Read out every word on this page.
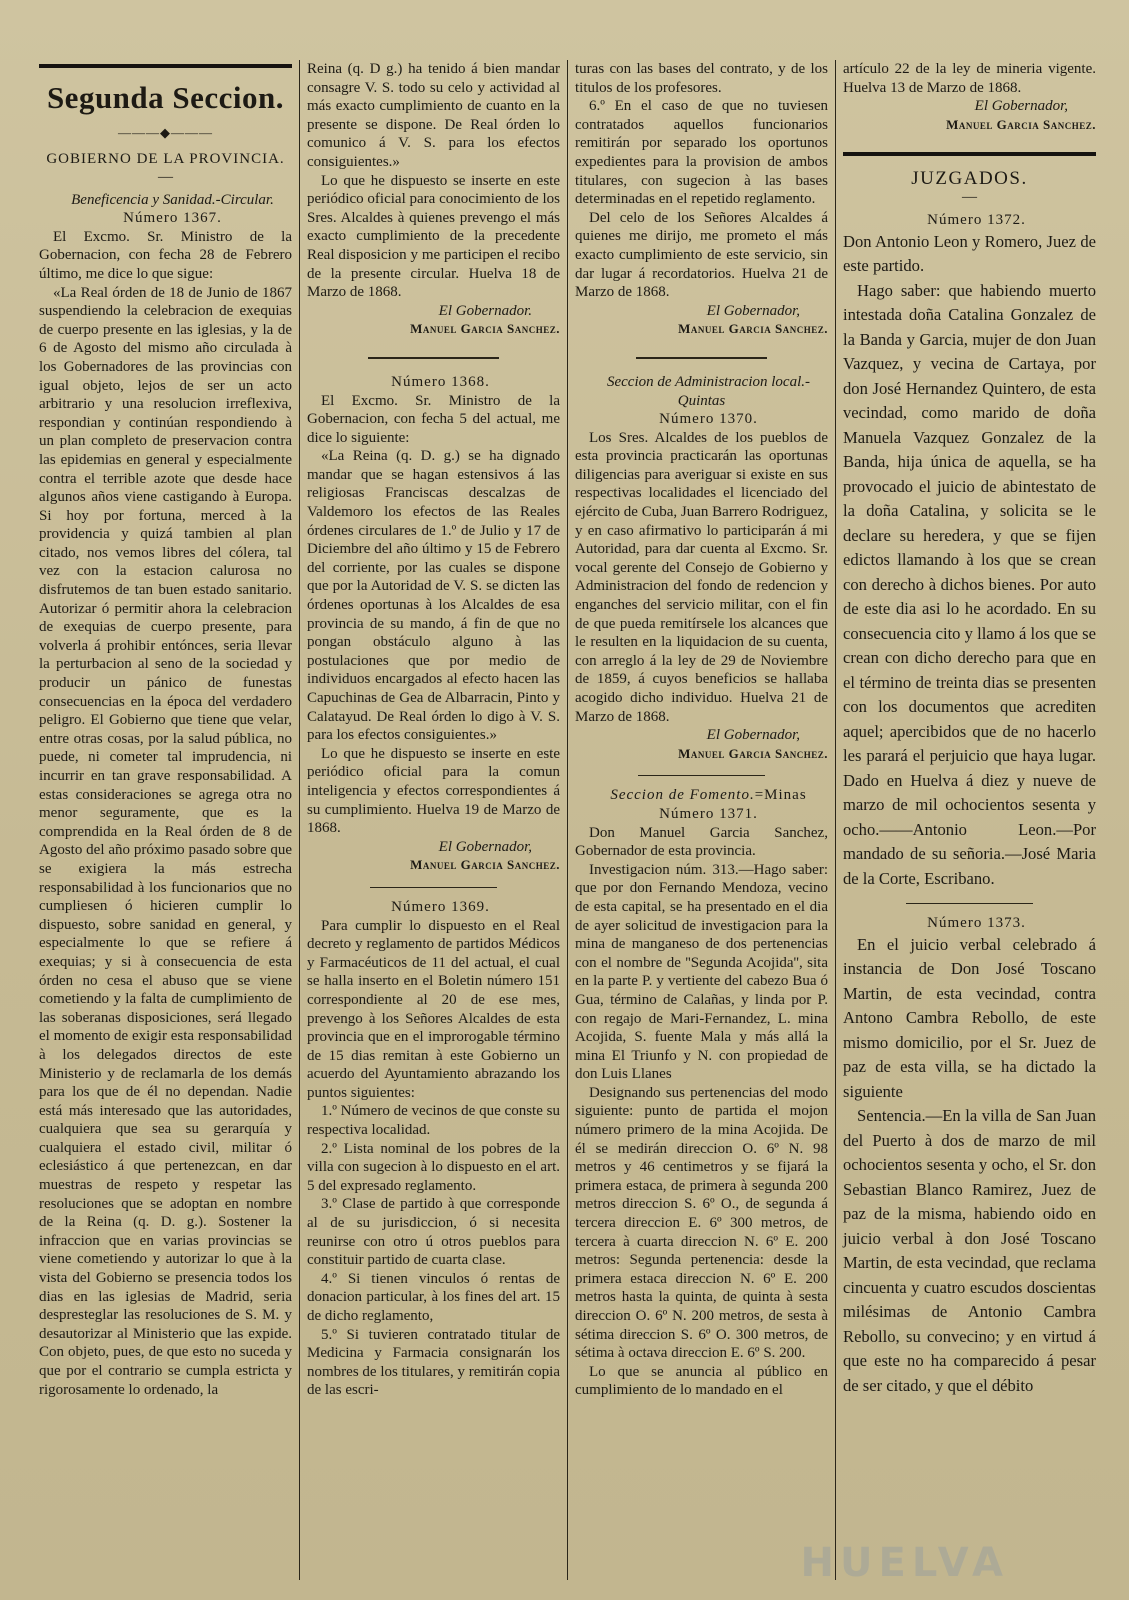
Segunda Seccion.
———◆———
GOBIERNO DE LA PROVINCIA.
—

Beneficencia y Sanidad.-Circular.

Número 1367.

El Excmo. Sr. Ministro de la Gobernacion, con fecha 28 de Febrero último, me dice lo que sigue:

«La Real órden de 18 de Junio de 1867 suspendiendo la celebracion de exequias de cuerpo presente en las iglesias, y la de 6 de Agosto del mismo año circulada à los Gobernadores de las provincias con igual objeto, lejos de ser un acto arbitrario y una resolucion irreflexiva, respondian y continúan respondiendo à un plan completo de preservacion contra las epidemias en general y especialmente contra el terrible azote que desde hace algunos años viene castigando à Europa. Si hoy por fortuna, merced à la providencia y quizá tambien al plan citado, nos vemos libres del cólera, tal vez con la estacion calurosa no disfrutemos de tan buen estado sanitario. Autorizar ó permitir ahora la celebracion de exequias de cuerpo presente, para volverla á prohibir entónces, seria llevar la perturbacion al seno de la sociedad y producir un pánico de funestas consecuencias en la época del verdadero peligro. El Gobierno que tiene que velar, entre otras cosas, por la salud pública, no puede, ni cometer tal imprudencia, ni incurrir en tan grave responsabilidad. A estas consideraciones se agrega otra no menor seguramente, que es la comprendida en la Real órden de 8 de Agosto del año próximo pasado sobre que se exigiera la más estrecha responsabilidad à los funcionarios que no cumpliesen ó hicieren cumplir lo dispuesto, sobre sanidad en general, y especialmente lo que se refiere á exequias; y si à consecuencia de esta órden no cesa el abuso que se viene cometiendo y la falta de cumplimiento de las soberanas disposiciones, será llegado el momento de exigir esta responsabilidad à los delegados directos de este Ministerio y de reclamarla de los demás para los que de él no dependan. Nadie está más interesado que las autoridades, cualquiera que sea su gerarquía y cualquiera el estado civil, militar ó eclesiástico á que pertenezcan, en dar muestras de respeto y respetar las resoluciones que se adoptan en nombre de la Reina (q. D. g.). Sostener la infraccion que en varias provincias se viene cometiendo y autorizar lo que à la vista del Gobierno se presencia todos los dias en las iglesias de Madrid, seria despresteglar las resoluciones de S. M. y desautorizar al Ministerio que las expide. Con objeto, pues, de que esto no suceda y que por el contrario se cumpla estricta y rigorosamente lo ordenado, la

Reina (q. D g.) ha tenido á bien mandar consagre V. S. todo su celo y actividad al más exacto cumplimiento de cuanto en la presente se dispone. De Real órden lo comunico á V. S. para los efectos consiguientes.»

Lo que he dispuesto se inserte en este periódico oficial para conocimiento de los Sres. Alcaldes à quienes prevengo el más exacto cumplimiento de la precedente Real disposicion y me participen el recibo de la presente circular. Huelva 18 de Marzo de 1868.

El Gobernador.

Manuel Garcia Sanchez.

Número 1368.

El Excmo. Sr. Ministro de la Gobernacion, con fecha 5 del actual, me dice lo siguiente:

«La Reina (q. D. g.) se ha dignado mandar que se hagan estensivos á las religiosas Franciscas descalzas de Valdemoro los efectos de las Reales órdenes circulares de 1.º de Julio y 17 de Diciembre del año último y 15 de Febrero del corriente, por las cuales se dispone que por la Autoridad de V. S. se dicten las órdenes oportunas à los Alcaldes de esa provincia de su mando, á fin de que no pongan obstáculo alguno à las postulaciones que por medio de individuos encargados al efecto hacen las Capuchinas de Gea de Albarracin, Pinto y Calatayud. De Real órden lo digo à V. S. para los efectos consiguientes.»

Lo que he dispuesto se inserte en este periódico oficial para la comun inteligencia y efectos correspondientes á su cumplimiento. Huelva 19 de Marzo de 1868.

El Gobernador,

Manuel Garcia Sanchez.

Número 1369.

Para cumplir lo dispuesto en el Real decreto y reglamento de partidos Médicos y Farmacéuticos de 11 del actual, el cual se halla inserto en el Boletin número 151 correspondiente al 20 de ese mes, prevengo à los Señores Alcaldes de esta provincia que en el improrogable término de 15 dias remitan à este Gobierno un acuerdo del Ayuntamiento abrazando los puntos siguientes:

1.º Número de vecinos de que conste su respectiva localidad.

2.º Lista nominal de los pobres de la villa con sugecion à lo dispuesto en el art. 5 del expresado reglamento.

3.º Clase de partido à que corresponde al de su jurisdiccion, ó si necesita reunirse con otro ú otros pueblos para constituir partido de cuarta clase.

4.º Si tienen vinculos ó rentas de donacion particular, à los fines del art. 15 de dicho reglamento,

5.º Si tuvieren contratado titular de Medicina y Farmacia consignarán los nombres de los titulares, y remitirán copia de las escri-

turas con las bases del contrato, y de los titulos de los profesores.

6.º En el caso de que no tuviesen contratados aquellos funcionarios remitirán por separado los oportunos expedientes para la provision de ambos titulares, con sugecion à las bases determinadas en el repetido reglamento.

Del celo de los Señores Alcaldes á quienes me dirijo, me prometo el más exacto cumplimiento de este servicio, sin dar lugar á recordatorios. Huelva 21 de Marzo de 1868.

El Gobernador,

Manuel Garcia Sanchez.

Seccion de Administracion local.-Quintas

Número 1370.

Los Sres. Alcaldes de los pueblos de esta provincia practicarán las oportunas diligencias para averiguar si existe en sus respectivas localidades el licenciado del ejército de Cuba, Juan Barrero Rodriguez, y en caso afirmativo lo participarán á mi Autoridad, para dar cuenta al Excmo. Sr. vocal gerente del Consejo de Gobierno y Administracion del fondo de redencion y enganches del servicio militar, con el fin de que pueda remitírsele los alcances que le resulten en la liquidacion de su cuenta, con arreglo á la ley de 29 de Noviembre de 1859, á cuyos beneficios se hallaba acogido dicho individuo. Huelva 21 de Marzo de 1868.

El Gobernador,

Manuel Garcia Sanchez.

Seccion de Fomento.=Minas

Número 1371.

Don Manuel Garcia Sanchez, Gobernador de esta provincia.

Investigacion núm. 313.—Hago saber: que por don Fernando Mendoza, vecino de esta capital, se ha presentado en el dia de ayer solicitud de investigacion para la mina de manganeso de dos pertenencias con el nombre de ''Segunda Acojida'', sita en la parte P. y vertiente del cabezo Bua ó Gua, término de Calañas, y linda por P. con regajo de Mari-Fernandez, L. mina Acojida, S. fuente Mala y más allá la mina El Triunfo y N. con propiedad de don Luis Llanes

Designando sus pertenencias del modo siguiente: punto de partida el mojon número primero de la mina Acojida. De él se medirán direccion O. 6º N. 98 metros y 46 centimetros y se fijará la primera estaca, de primera à segunda 200 metros direccion S. 6º O., de segunda á tercera direccion E. 6º 300 metros, de tercera à cuarta direccion N. 6º E. 200 metros: Segunda pertenencia: desde la primera estaca direccion N. 6º E. 200 metros hasta la quinta, de quinta à sesta direccion O. 6º N. 200 metros, de sesta à sétima direccion S. 6º O. 300 metros, de sétima à octava direccion E. 6º S. 200.

Lo que se anuncia al público en cumplimiento de lo mandado en el

artículo 22 de la ley de mineria vigente. Huelva 13 de Marzo de 1868.

El Gobernador,

Manuel Garcia Sanchez.

JUZGADOS.
—

Número 1372.

Don Antonio Leon y Romero, Juez de este partido.

Hago saber: que habiendo muerto intestada doña Catalina Gonzalez de la Banda y Garcia, mujer de don Juan Vazquez, y vecina de Cartaya, por don José Hernandez Quintero, de esta vecindad, como marido de doña Manuela Vazquez Gonzalez de la Banda, hija única de aquella, se ha provocado el juicio de abintestato de la doña Catalina, y solicita se le declare su heredera, y que se fijen edictos llamando à los que se crean con derecho à dichos bienes. Por auto de este dia asi lo he acordado. En su consecuencia cito y llamo á los que se crean con dicho derecho para que en el término de treinta dias se presenten con los documentos que acrediten aquel; apercibidos que de no hacerlo les parará el perjuicio que haya lugar. Dado en Huelva á diez y nueve de marzo de mil ochocientos sesenta y ocho.——Antonio Leon.—Por mandado de su señoria.—José Maria de la Corte, Escribano.

Número 1373.

En el juicio verbal celebrado á instancia de Don José Toscano Martin, de esta vecindad, contra Antono Cambra Rebollo, de este mismo domicilio, por el Sr. Juez de paz de esta villa, se ha dictado la siguiente

Sentencia.—En la villa de San Juan del Puerto à dos de marzo de mil ochocientos sesenta y ocho, el Sr. don Sebastian Blanco Ramirez, Juez de paz de la misma, habiendo oido en juicio verbal à don José Toscano Martin, de esta vecindad, que reclama cincuenta y cuatro escudos doscientas milésimas de Antonio Cambra Rebollo, su convecino; y en virtud á que este no ha comparecido á pesar de ser citado, y que el débito

HUELVA
